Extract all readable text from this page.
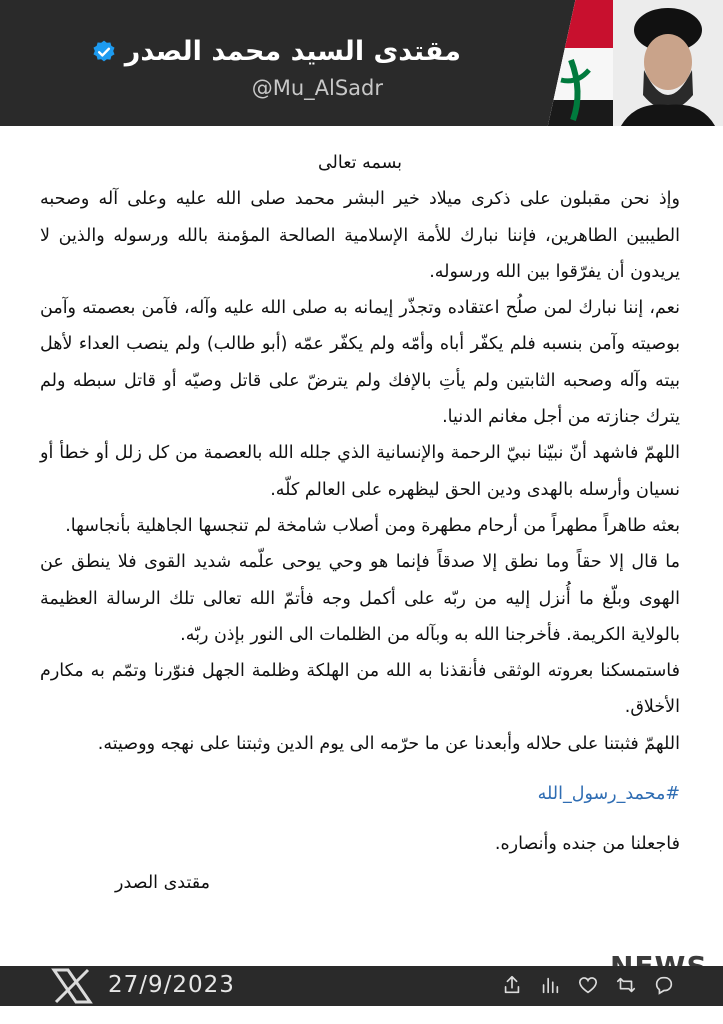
مقتدى السيد محمد الصدر
@Mu_AlSadr

بسمه تعالى

وإذ نحن مقبلون على ذكرى ميلاد خير البشر محمد صلى الله عليه وعلى آله وصحبه الطيبين الطاهرين، فإننا نبارك للأمة الإسلامية الصالحة المؤمنة بالله ورسوله والذين لا يريدون أن يفرّقوا بين الله ورسوله.

نعم، إننا نبارك لمن صلُح اعتقاده وتجذّر إيمانه به صلى الله عليه وآله، فآمن بعصمته وآمن بوصيته وآمن بنسبه فلم يكفّر أباه وأمّه ولم يكفّر عمّه (أبو طالب) ولم ينصب العداء لأهل بيته وآله وصحبه الثابتين ولم يأتِ بالإفك ولم يترضّ على قاتل وصيّه أو قاتل سبطه ولم يترك جنازته من أجل مغانم الدنيا.

اللهمّ فاشهد أنّ نبيّنا نبيّ الرحمة والإنسانية الذي جلله الله بالعصمة من كل زلل أو خطأ أو نسيان وأرسله بالهدى ودين الحق ليظهره على العالم كلّه.

بعثه طاهراً مطهراً من أرحام مطهرة ومن أصلاب شامخة لم تنجسها الجاهلية بأنجاسها.

ما قال إلا حقاً وما نطق إلا صدقاً فإنما هو وحي يوحى علّمه شديد القوى فلا ينطق عن الهوى وبلّغ ما أُنزل إليه من ربّه على أكمل وجه فأتمّ الله تعالى تلك الرسالة العظيمة بالولاية الكريمة. فأخرجنا الله به وبآله من الظلمات الى النور بإذن ربّه.

فاستمسكنا بعروته الوثقى فأنقذنا به الله من الهلكة وظلمة الجهل فنوّرنا وتمّم به مكارم الأخلاق.

اللهمّ فثبتنا على حلاله وأبعدنا عن ما حرّمه الى يوم الدين وثبتنا على نهجه ووصيته.

#محمد_رسول_الله

فاجعلنا من جنده وأنصاره.

مقتدى الصدر

27/9/2023
